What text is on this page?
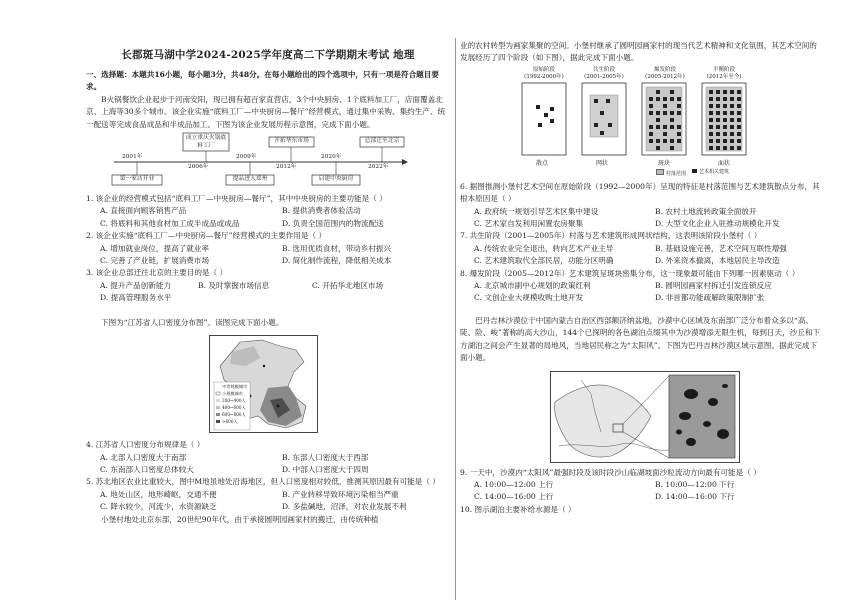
长郡斑马湖中学2024-2025学年度高二下学期期末考试 地理

一、选择题：本题共16小题，每小题3分，共48分。在每小题给出的四个选项中，只有一项是符合题目要求。

B火锅餐饮企业起步于河南安阳，现已拥有超百家直营店，3个中央厨房、1个底料加工厂，店面覆盖北京、上海等30多个城市。该企业实施“底料工厂—中央厨房—餐厅”经营模式，通过集中采购、集约生产、统一配送等完成食品成品和半成品加工。下图为该企业发展历程示意图，完成下面小题。

成立重庆火锅底料工厂
2006年
开拓华东市场
2012年
总部迁至北京
2022年
2001年
第一家店开业
2009年
提品进入郑州
2020年
启建中央厨房

1. 该企业的经营模式包括“底料工厂—中央厨房—餐厅”，其中中央厨房的主要功能是（ ）

A. 直接面向顾客销售产品	B. 提供消费者体验活动
C. 将底料和其他食材加工成半成品或成品	D. 负责全国范围内的物流配送

2. 该企业实施“底料工厂—中央厨房—餐厅”经营模式的主要作用是（ ）

A. 增加就业岗位，提高了就业率	B. 选用优质食材，带动乡村振兴
C. 完善了产业链，扩展消费市场	D. 简化制作流程，降低相关成本

3. 该企业总部迁往北京的主要目的是（ ）

A. 提升产品创新能力	B. 及时掌握市场信息	C. 开拓华北地区市场
D. 提高管理服务水平

下图为“江苏省人口密度分布图”。读图完成下面小题。

中等规模城市
小规模城市
200~400人
400~600人
600~800人
>800人

4. 江苏省人口密度分布规律是（ ）

A. 北部人口密度大于南部	B. 东部人口密度大于西部
C. 东南部人口密度总体较大	D. 中部人口密度大于四周

5. 苏北地区农业比重较大，图中M地虽地处沿海地区，但人口密度相对较低，推测其原因最有可能是（ ）

A. 地处山区，地形崎岖，交通不便	B. 产业转移导致环境污染相当严重
C. 降水较少，河流少，水资源缺乏	D. 多盐碱地，沼泽，对农业发展不利

小堡村地处北京东部，20世纪90年代，由于承接圆明园画家村的搬迁，由传统种植

业的农村转型为画家集聚的空间。小堡村继承了圆明园画家村的现当代艺术精神和文化氛围，其艺术空间的发展经历了四个阶段（如下图），据此完成下面小题。

原始阶段
(1992-2000年)
共生阶段
(2001-2005年)
爆发阶段
(2005-2012年)
平衡阶段
(2012年至今)
散点	网状	斑块	面状
村落范围	艺术相关建筑

6. 据图推测小堡村艺术空间在原始阶段（1992—2000年）呈现的特征是村落范围与艺术建筑散点分布，其根本原因是（ ）

A. 政府统一规划引导艺术区集中建设	B. 农村土地流转政策全面放开
C. 艺术家自发利用闲置农房聚集	D. 大型文化企业入驻推动规模化开发

7. 共生阶段（2001—2005年）村落与艺术建筑形成网状结构，这表明该阶段小堡村（ ）

A. 传统农业完全退出，转向艺术产业主导	B. 基础设施完善，艺术空间互联性增强
C. 艺术建筑取代全部民居，功能分区明确	D. 外来资本撤离，本地居民主导改造

8. 爆发阶段（2005—2012年）艺术建筑呈斑块密集分布，这一现象最可能由下列哪一因素驱动（ ）

A. 北京城市副中心规划的政策红利	B. 圆明园画家村拆迁引发连锁反应
C. 文创企业大规模收购土地开发	D. 非首都功能疏解政策限制扩张

巴丹吉林沙漠位于中国内蒙古自治区西部额济纳盆地，沙漠中心区域及东南部广泛分布着众多以“高、陡、险、峻”著称的高大沙山，144个已探明的各色湖泊点缀其中为沙漠增添无限生机，每到日天，沙丘和下方湖泊之间会产生显著的局地风，当地居民称之为“太阳风”。下图为巴丹吉林沙漠区域示意图。据此完成下面小题。

9. 一天中，沙漠内“太阳风”最强时段及该时段沙山临湖坡面沙粒流动方向最有可能是（ ）

A. 10:00—12:00 上行	B. 10:00—12:00 下行
C. 14:00—16:00 上行	D. 14:00—16:00 下行

10. 图示湖泊主要补给水源是（ ）
